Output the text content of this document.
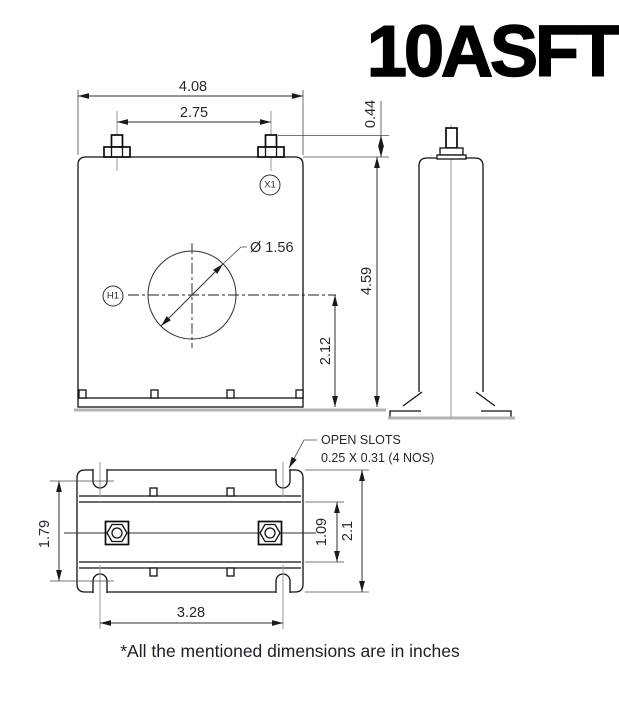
X1
H1
Ø 1.56
4.08
2.75	0.44
4.59
2.12
1.79	1.09 2.1
3.28
OPEN SLOTS
0.25 X 0.31 (4 NOS)
10ASFT
*All the mentioned dimensions are in inches
